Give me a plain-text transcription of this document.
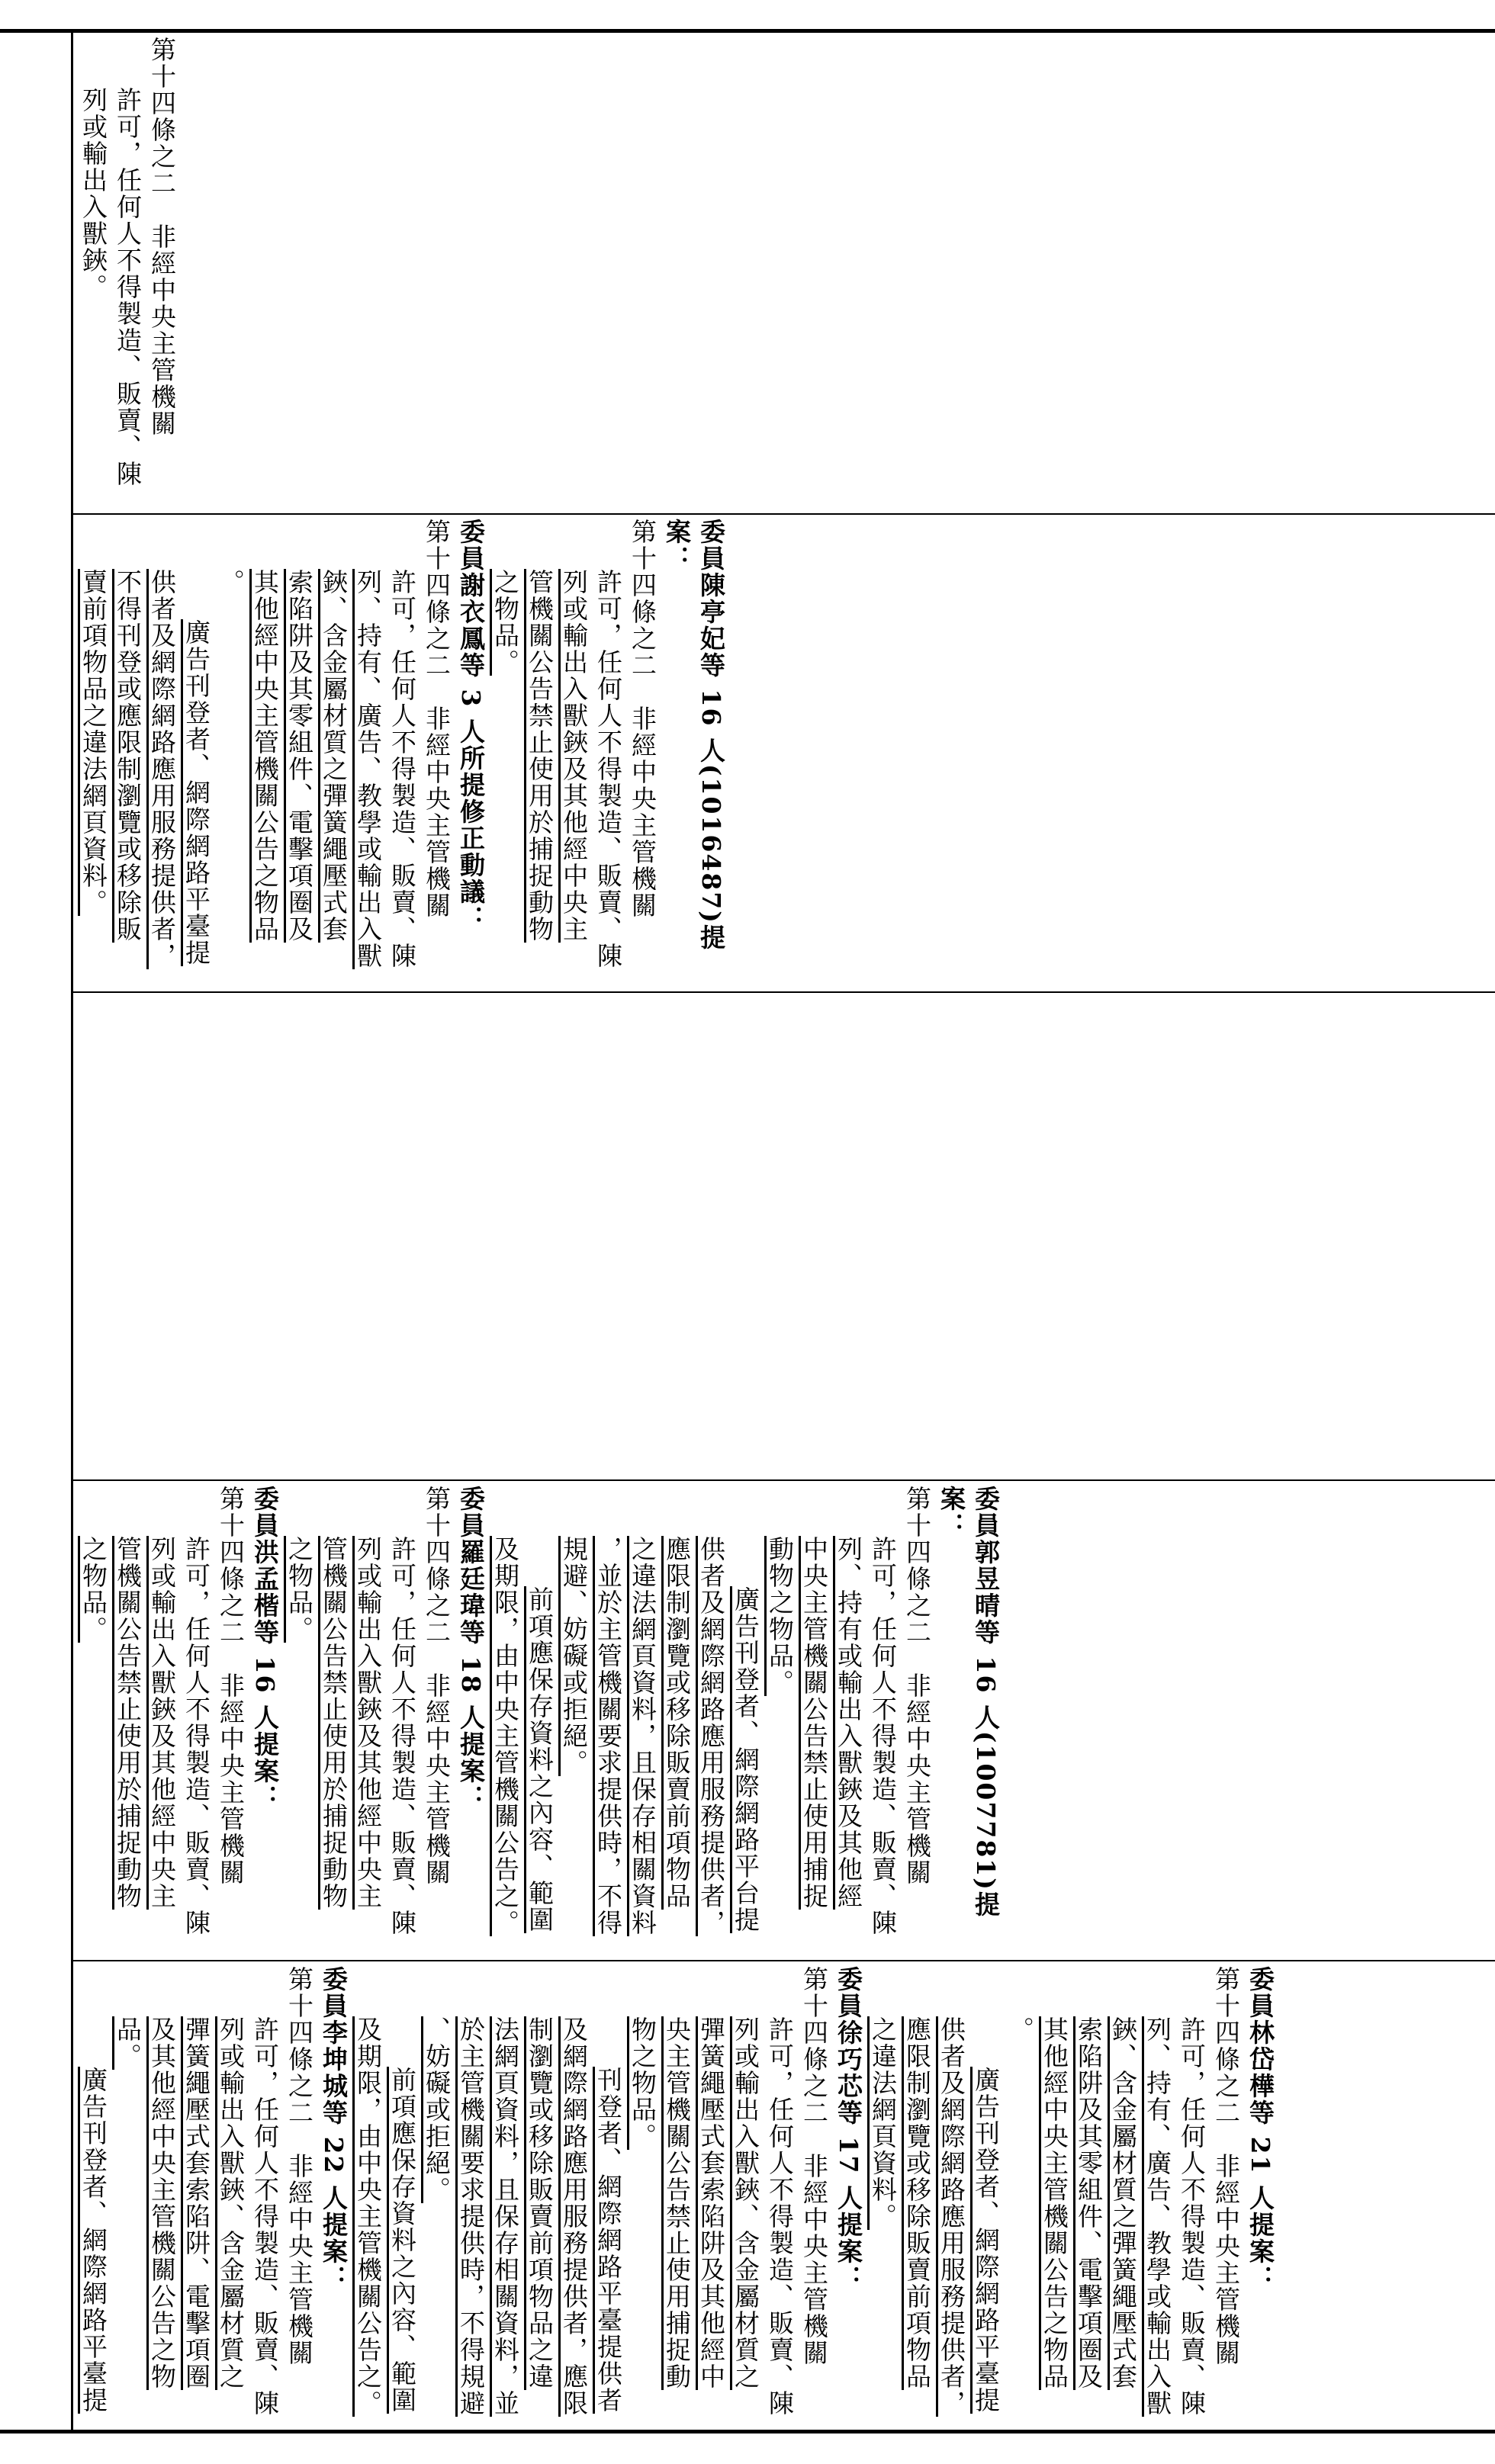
第十四條之二　非經中央主管機關

許可，任何人不得製造、販賣、陳

列或輸出入獸鋏。

委員陳亭妃等 16 人(1016487)提案：

第十四條之二　非經中央主管機關

許可，任何人不得製造、販賣、陳

列或輸出入獸鋏及其他經中央主

管機關公告禁止使用於捕捉動物

之物品。

委員謝衣鳳等 3 人所提修正動議：

第十四條之二　非經中央主管機關

許可，任何人不得製造、販賣、陳

列、持有、廣告、教學或輸出入獸

鋏、含金屬材質之彈簧繩壓式套

索陷阱及其零組件、電擊項圈及

其他經中央主管機關公告之物品

。

廣告刊登者、網際網路平臺提

供者及網際網路應用服務提供者，

不得刊登或應限制瀏覽或移除販

賣前項物品之違法網頁資料。

委員郭昱晴等 16 人(1007781)提案：

第十四條之二　非經中央主管機關

許可，任何人不得製造、販賣、陳

列、持有或輸出入獸鋏及其他經

中央主管機關公告禁止使用捕捉

動物之物品。

廣告刊登者、網際網路平台提

供者及網際網路應用服務提供者，

應限制瀏覽或移除販賣前項物品

之違法網頁資料，且保存相關資料

，並於主管機關要求提供時，不得

規避、妨礙或拒絕。

前項應保存資料之內容、範圍

及期限，由中央主管機關公告之。

委員羅廷瑋等 18 人提案：

第十四條之二　非經中央主管機關

許可，任何人不得製造、販賣、陳

列或輸出入獸鋏及其他經中央主

管機關公告禁止使用於捕捉動物

之物品。

委員洪孟楷等 16 人提案：

第十四條之二　非經中央主管機關

許可，任何人不得製造、販賣、陳

列或輸出入獸鋏及其他經中央主

管機關公告禁止使用於捕捉動物

之物品。

委員林岱樺等 21 人提案：

第十四條之二　非經中央主管機關

許可，任何人不得製造、販賣、陳

列、持有、廣告、教學或輸出入獸

鋏、含金屬材質之彈簧繩壓式套

索陷阱及其零組件、電擊項圈及

其他經中央主管機關公告之物品

。

廣告刊登者、網際網路平臺提

供者及網際網路應用服務提供者，

應限制瀏覽或移除販賣前項物品

之違法網頁資料。

委員徐巧芯等 17 人提案：

第十四條之二　非經中央主管機關

許可，任何人不得製造、販賣、陳

列或輸出入獸鋏、含金屬材質之

彈簧繩壓式套索陷阱及其他經中

央主管機關公告禁止使用捕捉動

物之物品。

刊登者、網際網路平臺提供者

及網際網路應用服務提供者，應限

制瀏覽或移除販賣前項物品之違

法網頁資料，且保存相關資料，並

於主管機關要求提供時，不得規避

、妨礙或拒絕。

前項應保存資料之內容、範圍

及期限，由中央主管機關公告之。

委員李坤城等 22 人提案：

第十四條之二　非經中央主管機關

許可，任何人不得製造、販賣、陳

列或輸出入獸鋏、含金屬材質之

彈簧繩壓式套索陷阱、電擊項圈

及其他經中央主管機關公告之物

品。

廣告刊登者、網際網路平臺提
